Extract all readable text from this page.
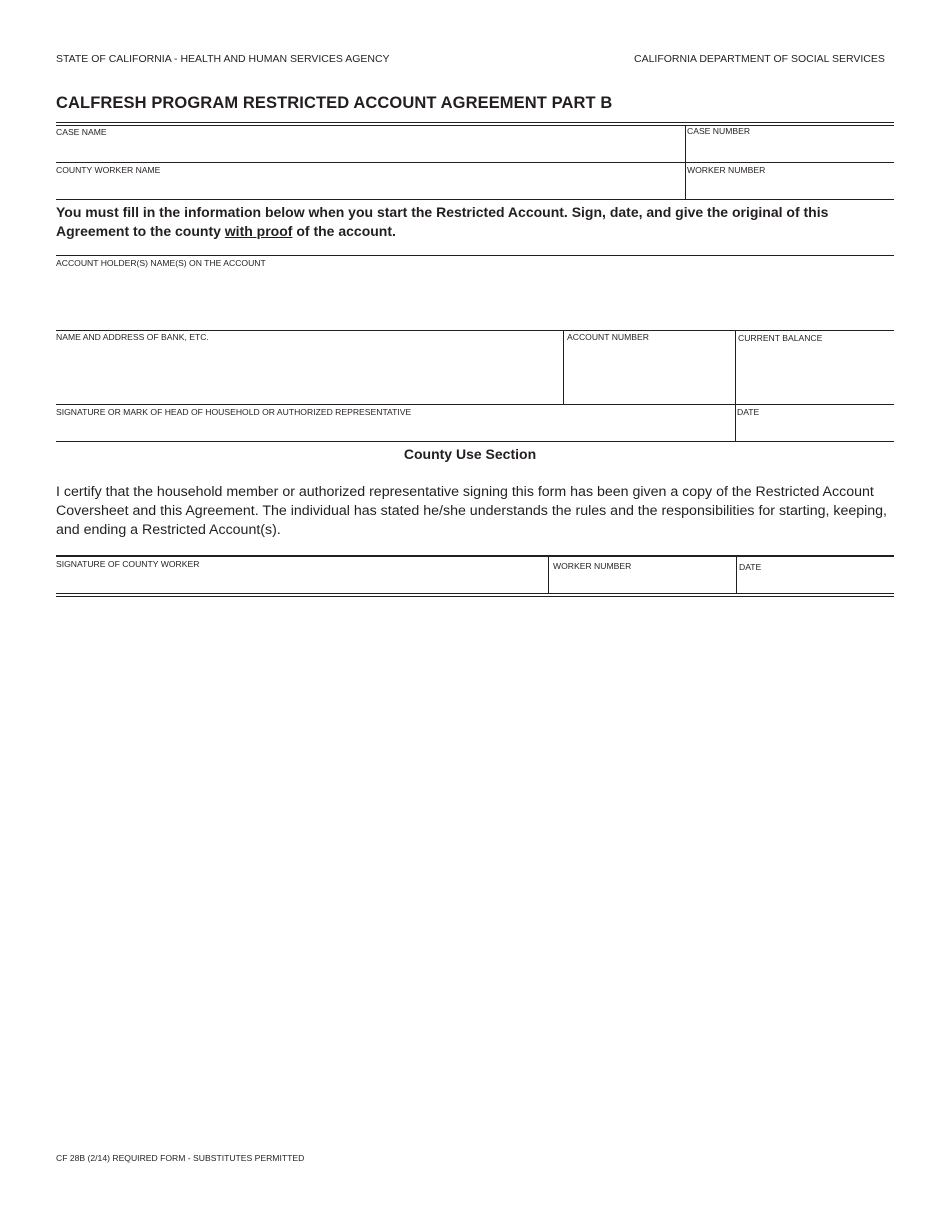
STATE OF CALIFORNIA - HEALTH AND HUMAN SERVICES AGENCY	CALIFORNIA DEPARTMENT OF SOCIAL SERVICES
CALFRESH PROGRAM RESTRICTED ACCOUNT AGREEMENT PART B
CASE NAME	CASE NUMBER
COUNTY WORKER NAME	WORKER NUMBER
You must fill in the information below when you start the Restricted Account. Sign, date, and give the original of this Agreement to the county with proof of the account.
ACCOUNT HOLDER(S) NAME(S) ON THE ACCOUNT
NAME AND ADDRESS OF BANK, ETC.	ACCOUNT NUMBER	CURRENT BALANCE
SIGNATURE OR MARK OF HEAD OF HOUSEHOLD OR AUTHORIZED REPRESENTATIVE	DATE
County Use Section
I certify that the household member or authorized representative signing this form has been given a copy of the Restricted Account Coversheet and this Agreement. The individual has stated he/she understands the rules and the responsibilities for starting, keeping, and ending a Restricted Account(s).
SIGNATURE OF COUNTY WORKER	WORKER NUMBER	DATE
CF 28B (2/14) REQUIRED FORM - SUBSTITUTES PERMITTED
